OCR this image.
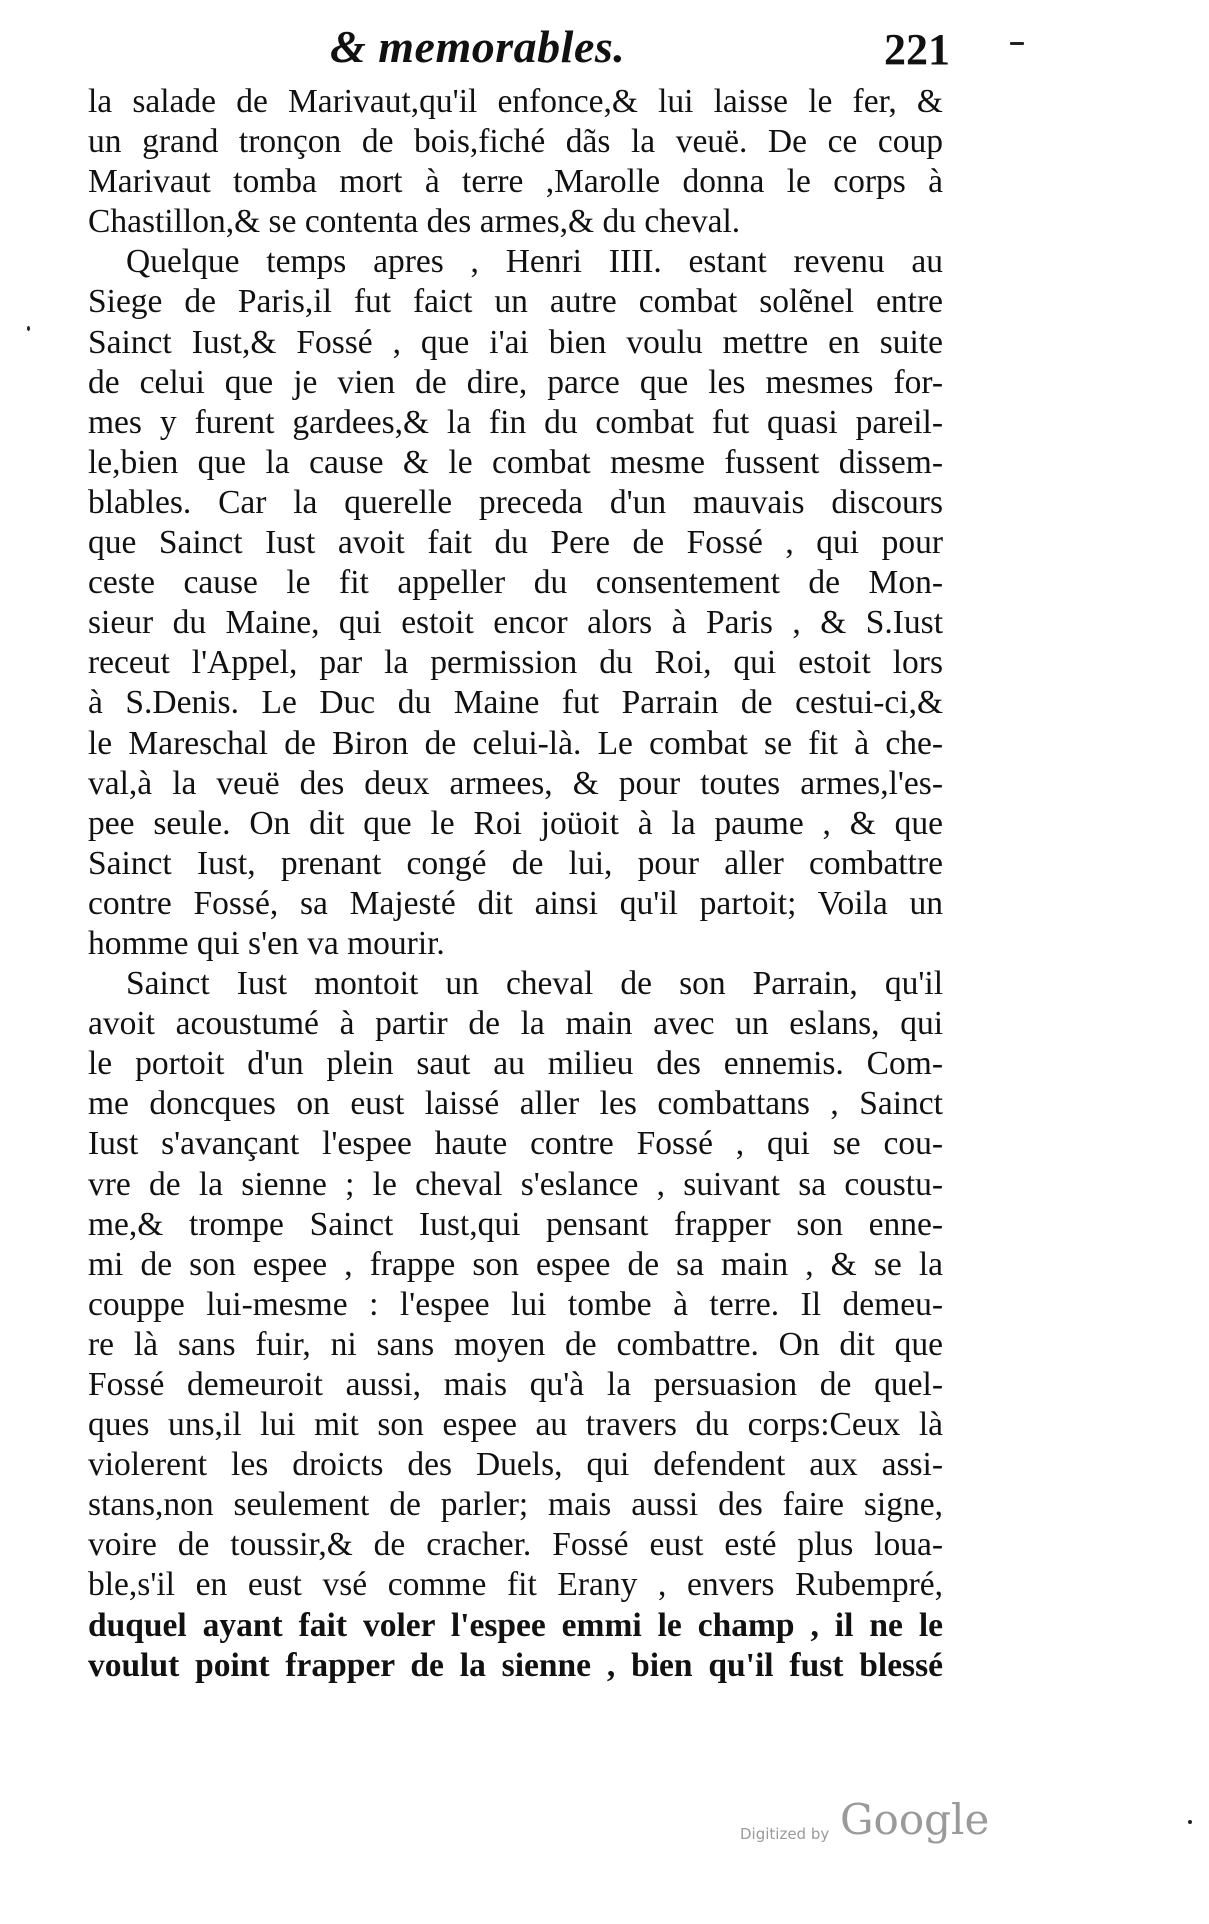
& memorables.	221
la salade de Marivaut,qu'il enfonce,& lui laisse le fer, &
un grand tronçon de bois,fiché dãs la veuë. De ce coup
Marivaut tomba mort à terre ,Marolle donna le corps à
Chastillon,& se contenta des armes,& du cheval.
Quelque temps apres , Henri IIII. estant revenu au
Siege de Paris,il fut faict un autre combat solẽnel entre
Sainct Iust,& Fossé , que i'ai bien voulu mettre en suite
de celui que je vien de dire, parce que les mesmes for-
mes y furent gardees,& la fin du combat fut quasi pareil-
le,bien que la cause & le combat mesme fussent dissem-
blables. Car la querelle preceda d'un mauvais discours
que Sainct Iust avoit fait du Pere de Fossé , qui pour
ceste cause le fit appeller du consentement de Mon-
sieur du Maine, qui estoit encor alors à Paris , & S.Iust
receut l'Appel, par la permission du Roi, qui estoit lors
à S.Denis. Le Duc du Maine fut Parrain de cestui-ci,&
le Mareschal de Biron de celui-là. Le combat se fit à che-
val,à la veuë des deux armees, & pour toutes armes,l'es-
pee seule. On dit que le Roi joüoit à la paume , & que
Sainct Iust, prenant congé de lui, pour aller combattre
contre Fossé, sa Majesté dit ainsi qu'il partoit; Voila un
homme qui s'en va mourir.
Sainct Iust montoit un cheval de son Parrain, qu'il
avoit acoustumé à partir de la main avec un eslans, qui
le portoit d'un plein saut au milieu des ennemis. Com-
me doncques on eust laissé aller les combattans , Sainct
Iust s'avançant l'espee haute contre Fossé , qui se cou-
vre de la sienne ; le cheval s'eslance , suivant sa coustu-
me,& trompe Sainct Iust,qui pensant frapper son enne-
mi de son espee , frappe son espee de sa main , & se la
couppe lui-mesme : l'espee lui tombe à terre. Il demeu-
re là sans fuir, ni sans moyen de combattre. On dit que
Fossé demeuroit aussi, mais qu'à la persuasion de quel-
ques uns,il lui mit son espee au travers du corps:Ceux là
violerent les droicts des Duels, qui defendent aux assi-
stans,non seulement de parler; mais aussi des faire signe,
voire de toussir,& de cracher. Fossé eust esté plus loua-
ble,s'il en eust vsé comme fit Erany , envers Rubempré,
duquel ayant fait voler l'espee emmi le champ , il ne le
voulut point frapper de la sienne , bien qu'il fust blessé
Digitized by Google
